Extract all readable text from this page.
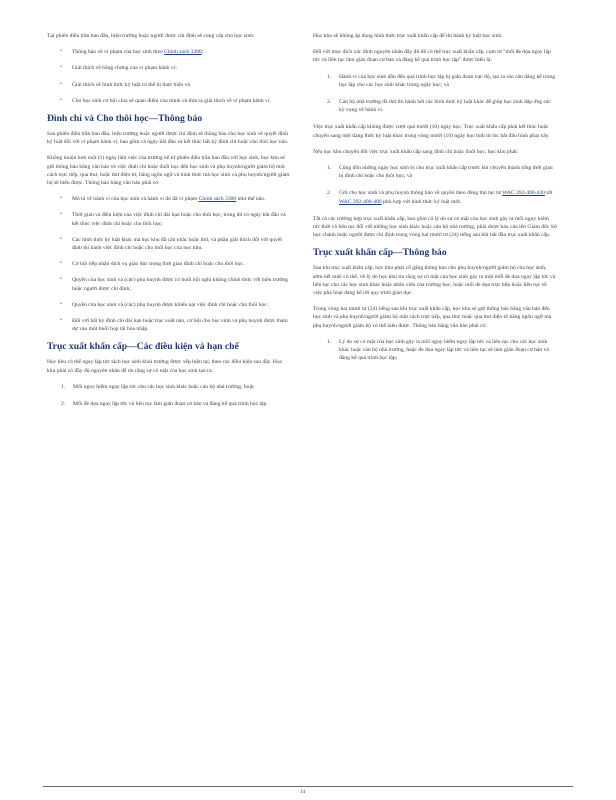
Tại phiên điều trần ban đầu, hiệu trưởng hoặc người được chỉ định sẽ cung cấp cho học sinh:

• Thông báo về vi phạm của học sinh theo Chính sách 3300;
• Giải thích về bằng chứng của vi phạm hành vi;
• Giải thích về hình thức kỷ luật có thể bị thực hiện và
• Cho học sinh cơ hội chia sẻ quan điểm của mình và đưa ra giải thích về vi phạm hành vi.
Đình chỉ và Cho thôi học—Thông báo

Sau phiên điều trần ban đầu, hiệu trưởng hoặc người được chỉ định sẽ thông báo cho học sinh về quyết định kỷ luật đối với vi phạm hành vi, bao gồm cả ngày bắt đầu và kết thúc bất kỳ đình chỉ hoặc cho thôi học nào.

Không muộn hơn một (1) ngày làm việc của trường kể từ phiên điều trần ban đầu với học sinh, học khu sẽ gửi thông báo bằng văn bản về việc đình chỉ hoặc đuổi học đến học sinh và phụ huynh/người giám hộ một cách trực tiếp, qua thư, hoặc thư điện tử, bằng ngôn ngữ và hình thức mà học sinh và phụ huynh/người giám hộ sẽ hiểu được. Thông báo bằng văn bản phải có:

• Mô tả về hành vi của học sinh và hành vi đó đã vi phạm Chính sách 3300 như thế nào.
• Thời gian và điều kiện của việc đình chỉ dài hạn hoặc cho thôi học, trong đó có ngày bắt đầu và kết thúc việc đình chỉ hoặc cho thôi học;
• Các hình thức kỷ luật khác mà học khu đã cân nhắc hoặc thử, và phần giải thích đối với quyết định thi hành việc đình chỉ hoặc cho thôi học của học khu.
• Cơ hội tiếp nhận dịch vụ giáo dục trong thời gian đình chỉ hoặc cho thôi học.
• Quyền của học sinh và (các) phụ huynh được có buổi hội nghị không chính thức với hiệu trưởng hoặc người được chỉ định;
• Quyền của học sinh và (các) phụ huynh được khiếu nại việc đình chỉ hoặc cho thôi học.
• Đối với bất kỳ đình chỉ dài hạn hoặc trục xuất nào, cơ hội cho học sinh và phụ huynh được tham dự vào một buổi họp tái hòa nhập.
Trục xuất khẩn cấp—Các điều kiện và hạn chế

Học khu có thể ngay lập tức tách học sinh khỏi trường được xếp hiện tại, theo các điều kiện sau đây. Học khu phải có đầy đủ nguyên nhân để tin rằng sự có mặt của học sinh tạo ra:

1. Mối nguy hiểm ngay lập tức cho các học sinh khác hoặc cán bộ nhà trường; hoặc
2. Mối đe dọa ngay lập tức và liên tục làm gián đoạn cơ bản và đáng kể quá trình học tập.

Học khu sẽ không áp dụng hình thức trục xuất khẩn cấp để thi hành kỷ luật học sinh.

Đối với mục đích xác định nguyên nhân đầy đủ để có thể trục xuất khẩn cấp, cụm từ "mối đe dọa ngay lập tức và liên tục làm gián đoạn cơ bản và đáng kể quá trình học tập" được hiểu là:

1. Hành vi của học sinh dẫn đến quá trình học tập bị gián đoạn cực độ, tạo ra rào cản đáng kể trong học tập cho các học sinh khác trong ngày học; và
2. Cán bộ nhà trường đã thử thi hành hết các hình thức kỷ luật khác để giúp học sinh đáp ứng các kỳ vọng về hành vi.

Việc trục xuất khẩn cấp không được vượt quá mười (10) ngày học. Trục xuất khẩn cấp phải kết thúc hoặc chuyển sang một dạng thức kỷ luật khác trong vòng mười (10) ngày học tính từ lúc bắt đầu hình phạt này.

Nếu học khu chuyển đổi việc trục xuất khẩn cấp sang đình chỉ hoặc đuổi học, học khu phải:

1. Cộng dồn những ngày học sinh bị cho trục xuất khẩn cấp trước khi chuyển thành tổng thời gian bị đình chỉ hoặc cho thôi học; và
2. Gửi cho học sinh và phụ huynh thông báo về quyền theo đúng thủ tục tư WAC 392-400-430 tới WAC 392-400-480 phù hợp với hình thức kỷ luật mới.

Tất cả các trường hợp trục xuất khẩn cấp, bao gồm cả lý do sự có mặt của học sinh gây ra mối nguy hiểm tức thời và liên tục đối với những học sinh khác hoặc cán bộ nhà trường, phải được báo cáo lên Giám đốc Sở học chánh hoặc người được chỉ định trong vòng hai mươi tư (24) tiếng sau khi bắt đầu trục xuất khẩn cấp.

Trục xuất khẩn cấp—Thông báo

Sau khi trục xuất khẩn cấp, học khu phải cố gắng thông báo cho phụ huynh/người giám hộ của học sinh, sớm hết mức có thể, về lý do học khu tin rằng sự có mặt của học sinh gây ra một mối đe dọa ngay lập tức và liên tục cho các học sinh khác hoặc nhân viên của trường học, hoặc mối đe dọa trực tiếp hoặc liên tục về việc phá hoại đáng kể tới quy trình giáo dục.

Trong vòng hai mươi tư (24) tiếng sau khi trục xuất khẩn cấp, học khu sẽ gửi thông báo bằng văn bản đến học sinh và phụ huynh/người giám hộ một cách trực tiếp, qua thư, hoặc qua thư điện tử bằng ngôn ngữ mà phụ huynh/người giám hộ có thể hiểu được. Thông báo bằng văn bản phải có:

1. Lý do sự có mặt của học sinh gây ra mối nguy hiểm ngay lập tức và liên tục cho các học sinh khác hoặc cán bộ nhà trường, hoặc đe dọa ngay lập tức và liên tục sẽ làm gián đoạn cơ bản và đáng kể quá trình học tập;
14
